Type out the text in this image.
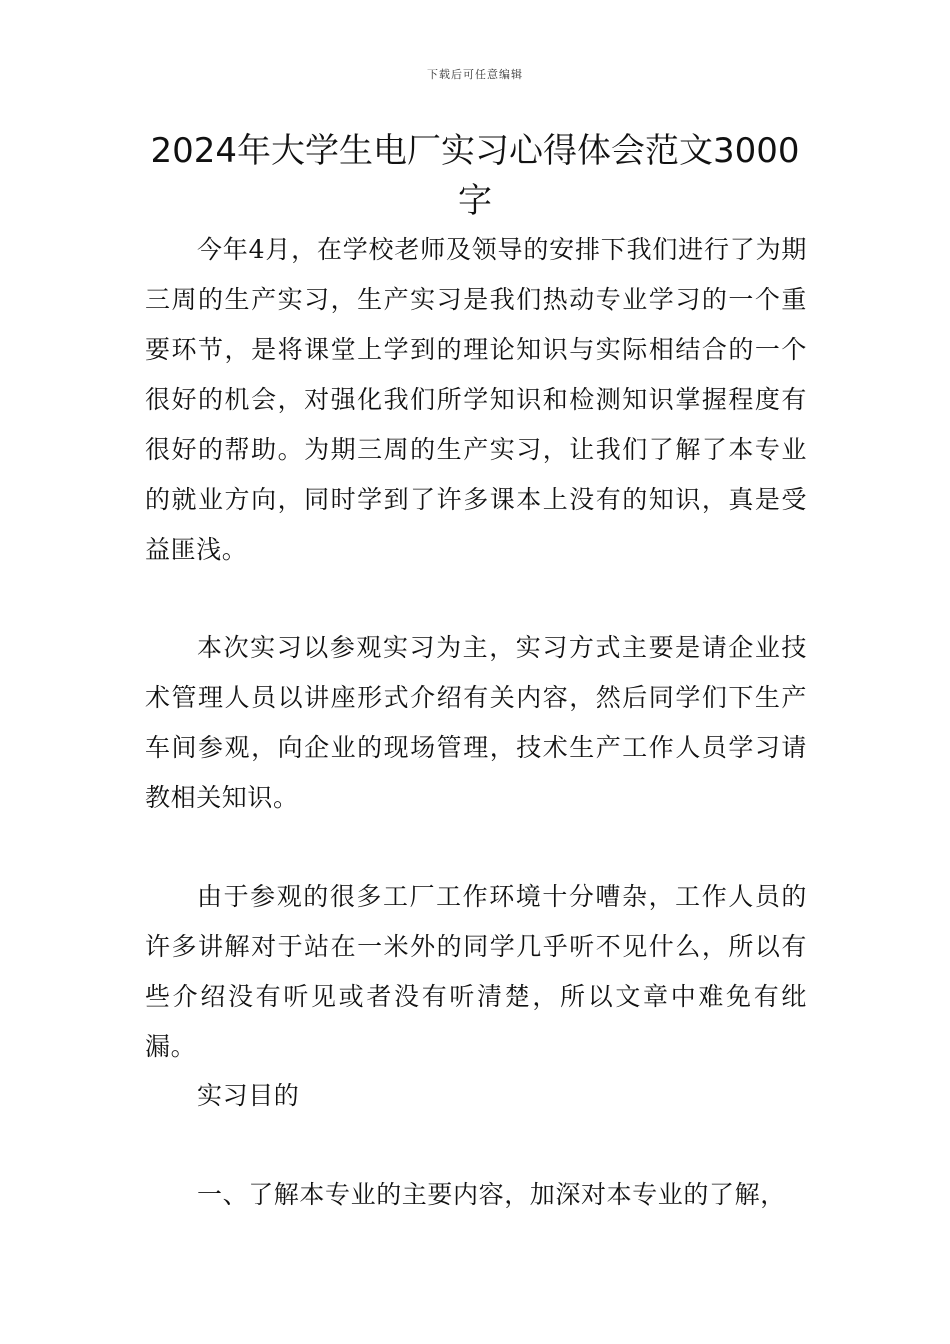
下载后可任意编辑
2024年大学生电厂实习心得体会范文3000字

今年4月，在学校老师及领导的安排下我们进行了为期三周的生产实习，生产实习是我们热动专业学习的一个重要环节，是将课堂上学到的理论知识与实际相结合的一个很好的机会，对强化我们所学知识和检测知识掌握程度有很好的帮助。为期三周的生产实习，让我们了解了本专业的就业方向，同时学到了许多课本上没有的知识，真是受益匪浅。

本次实习以参观实习为主，实习方式主要是请企业技术管理人员以讲座形式介绍有关内容，然后同学们下生产车间参观，向企业的现场管理，技术生产工作人员学习请教相关知识。

由于参观的很多工厂工作环境十分嘈杂，工作人员的许多讲解对于站在一米外的同学几乎听不见什么，所以有些介绍没有听见或者没有听清楚，所以文章中难免有纰漏。

实习目的

一、了解本专业的主要内容，加深对本专业的了解，
